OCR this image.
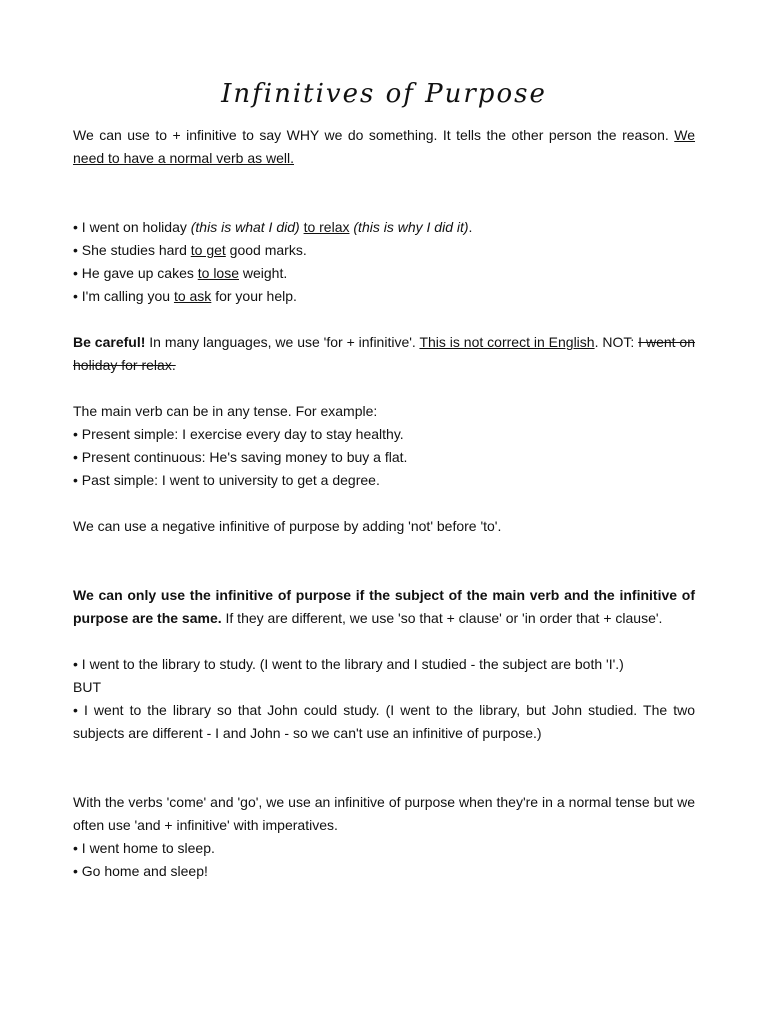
Infinitives of Purpose

We can use to + infinitive to say WHY we do something. It tells the other person the reason. We need to have a normal verb as well.

• I went on holiday (this is what I did) to relax (this is why I did it).

• She studies hard to get good marks.

• He gave up cakes to lose weight.

• I'm calling you to ask for your help.

Be careful! In many languages, we use 'for + infinitive'. This is not correct in English. NOT: I went on holiday for relax.

The main verb can be in any tense. For example:

• Present simple: I exercise every day to stay healthy.

• Present continuous: He's saving money to buy a flat.

• Past simple: I went to university to get a degree.

We can use a negative infinitive of purpose by adding 'not' before 'to'.

We can only use the infinitive of purpose if the subject of the main verb and the infinitive of purpose are the same. If they are different, we use 'so that + clause' or 'in order that + clause'.

• I went to the library to study. (I went to the library and I studied - the subject are both 'I'.)

BUT

• I went to the library so that John could study. (I went to the library, but John studied. The two subjects are different - I and John - so we can't use an infinitive of purpose.)

With the verbs 'come' and 'go', we use an infinitive of purpose when they're in a normal tense but we often use 'and + infinitive' with imperatives.

• I went home to sleep.

• Go home and sleep!
